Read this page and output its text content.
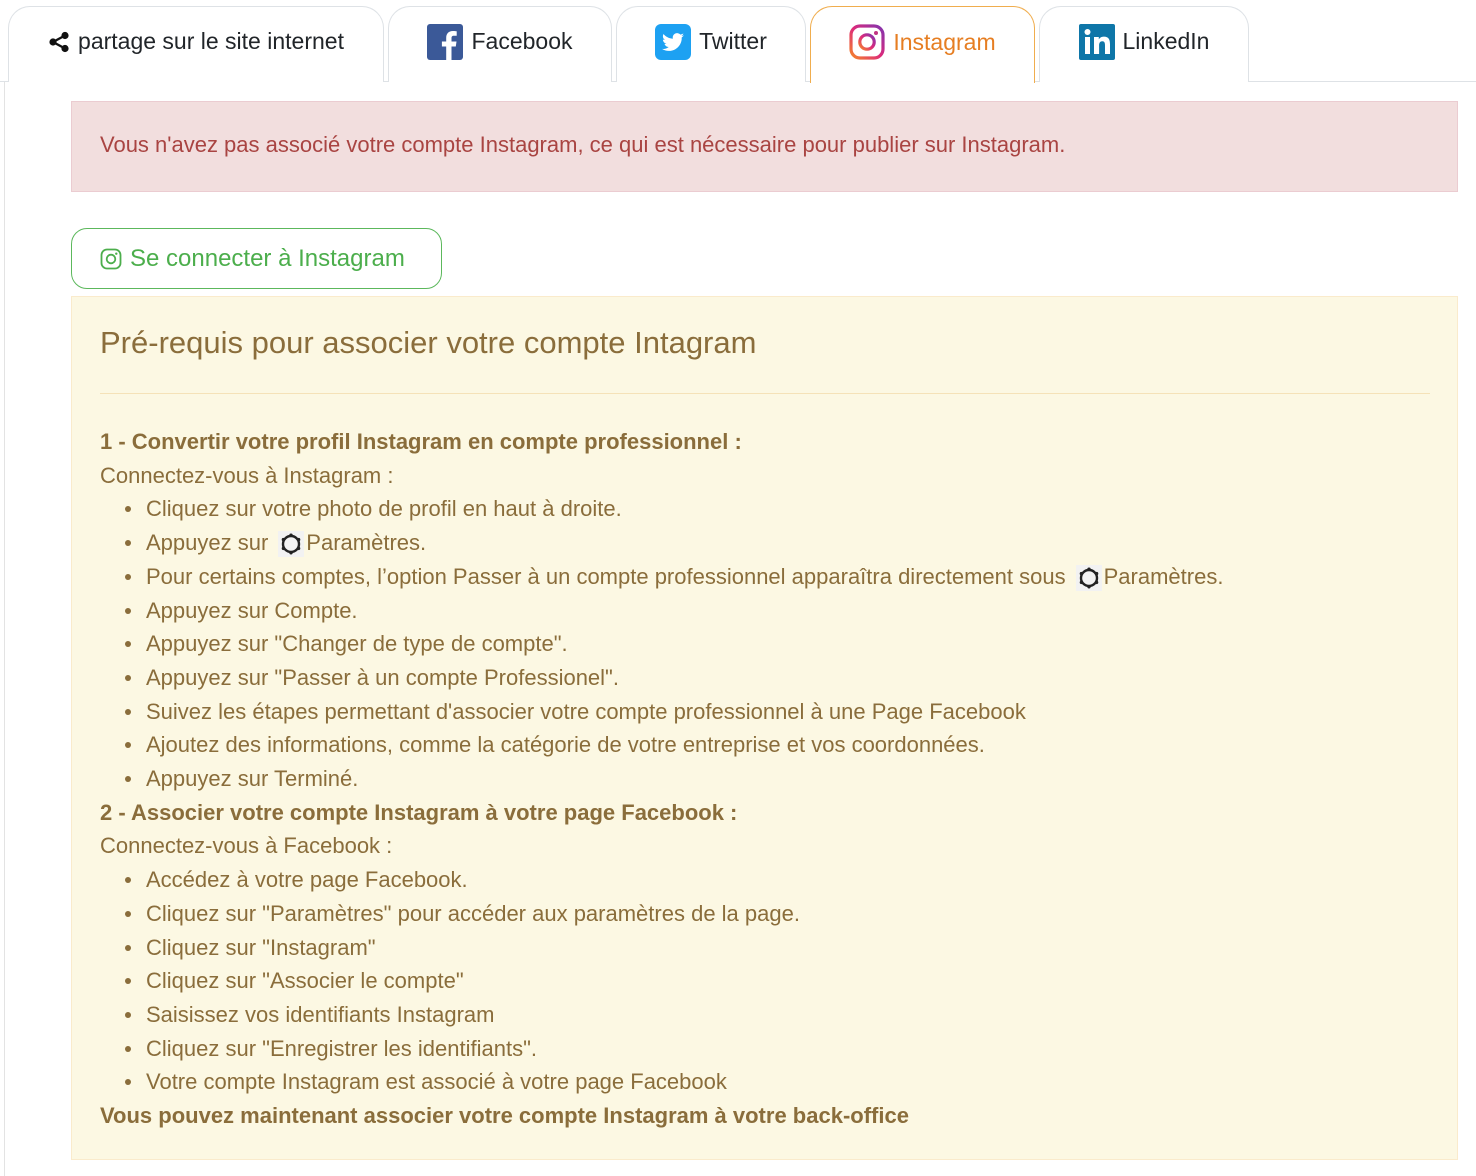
partage sur le site internet	Facebook	Twitter	Instagram	LinkedIn
Vous n'avez pas associé votre compte Instagram, ce qui est nécessaire pour publier sur Instagram.
Se connecter à Instagram
Pré-requis pour associer votre compte Intagram
1 - Convertir votre profil Instagram en compte professionnel :
Connectez-vous à Instagram :
Cliquez sur votre photo de profil en haut à droite.
Appuyez sur Paramètres.
Pour certains comptes, l’option Passer à un compte professionnel apparaîtra directement sous Paramètres.
Appuyez sur Compte.
Appuyez sur "Changer de type de compte".
Appuyez sur "Passer à un compte Professionel".
Suivez les étapes permettant d'associer votre compte professionnel à une Page Facebook
Ajoutez des informations, comme la catégorie de votre entreprise et vos coordonnées.
Appuyez sur Terminé.
2 - Associer votre compte Instagram à votre page Facebook :
Connectez-vous à Facebook :
Accédez à votre page Facebook.
Cliquez sur "Paramètres" pour accéder aux paramètres de la page.
Cliquez sur "Instagram"
Cliquez sur "Associer le compte"
Saisissez vos identifiants Instagram
Cliquez sur "Enregistrer les identifiants".
Votre compte Instagram est associé à votre page Facebook
Vous pouvez maintenant associer votre compte Instagram à votre back-office
